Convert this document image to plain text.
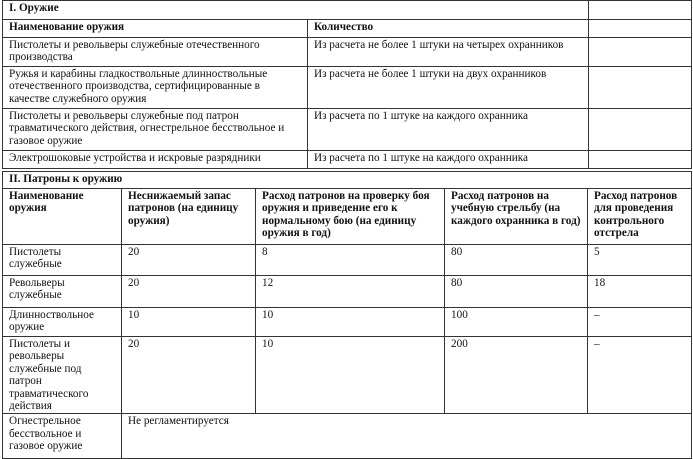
I. Оружие		
Наименование оружия	Количество	
Пистолеты и револьверы служебные отечественного производства	Из расчета не более 1 штуки на четырех охранников	
Ружья и карабины гладкоствольные длинноствольные отечественного производства, сертифицированные в качестве служебного оружия	Из расчета не более 1 штуки на двух охранников	
Пистолеты и револьверы служебные под патрон травматического действия, огнестрельное бесствольное и газовое оружие	Из расчета по 1 штуке на каждого охранника	
Электрошоковые устройства и искровые разрядники	Из расчета по 1 штуке на каждого охранника	
II. Патроны к оружию				
Наименование оружия	Неснижаемый запас патронов (на единицу оружия)	Расход патронов на проверку боя оружия и приведение его к нормальному бою (на единицу оружия в год)	Расход патронов на учебную стрельбу (на каждого охранника в год)	Расход патронов для проведения контрольного отстрела
Пистолеты служебные	20	8	80	5
Револьверы служебные	20	12	80	18
Длинноствольное оружие	10	10	100	–
Пистолеты и револьверы служебные под патрон травматического действия	20	10	200	–
Огнестрельное бесствольное и газовое оружие	Не регламентируется			
